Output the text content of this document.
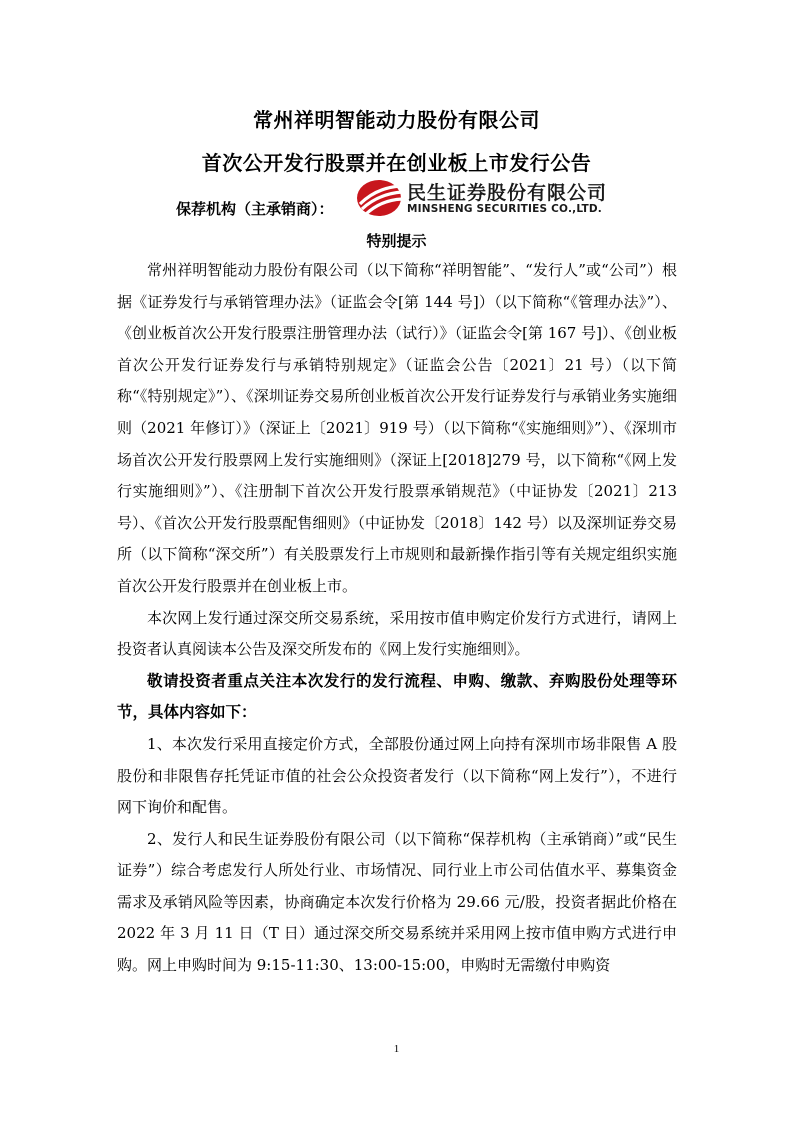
常州祥明智能动力股份有限公司
首次公开发行股票并在创业板上市发行公告
保荐机构（主承销商）：
民生证券股份有限公司
MINSHENG SECURITIES CO.,LTD.
特别提示

常州祥明智能动力股份有限公司（以下简称“祥明智能”、“发行人”或“公司”）根据《证券发行与承销管理办法》（证监会令[第 144 号]）（以下简称“《管理办法》”）、《创业板首次公开发行股票注册管理办法（试行）》（证监会令[第 167 号]）、《创业板首次公开发行证券发行与承销特别规定》（证监会公告〔2021〕21 号）（以下简称“《特别规定》”）、《深圳证券交易所创业板首次公开发行证券发行与承销业务实施细则（2021 年修订）》（深证上〔2021〕919 号）（以下简称“《实施细则》”）、《深圳市场首次公开发行股票网上发行实施细则》（深证上[2018]279 号，以下简称“《网上发行实施细则》”）、《注册制下首次公开发行股票承销规范》（中证协发〔2021〕213 号）、《首次公开发行股票配售细则》（中证协发〔2018〕142 号）以及深圳证券交易所（以下简称“深交所”）有关股票发行上市规则和最新操作指引等有关规定组织实施首次公开发行股票并在创业板上市。

本次网上发行通过深交所交易系统，采用按市值申购定价发行方式进行，请网上投资者认真阅读本公告及深交所发布的《网上发行实施细则》。

敬请投资者重点关注本次发行的发行流程、申购、缴款、弃购股份处理等环节，具体内容如下：

1、本次发行采用直接定价方式，全部股份通过网上向持有深圳市场非限售 A 股股份和非限售存托凭证市值的社会公众投资者发行（以下简称“网上发行”），不进行网下询价和配售。

2、发行人和民生证券股份有限公司（以下简称“保荐机构（主承销商）”或“民生证券”）综合考虑发行人所处行业、市场情况、同行业上市公司估值水平、募集资金需求及承销风险等因素，协商确定本次发行价格为 29.66 元/股，投资者据此价格在 2022 年 3 月 11 日（T 日）通过深交所交易系统并采用网上按市值申购方式进行申购。网上申购时间为 9:15-11:30、13:00-15:00，申购时无需缴付申购资

1
